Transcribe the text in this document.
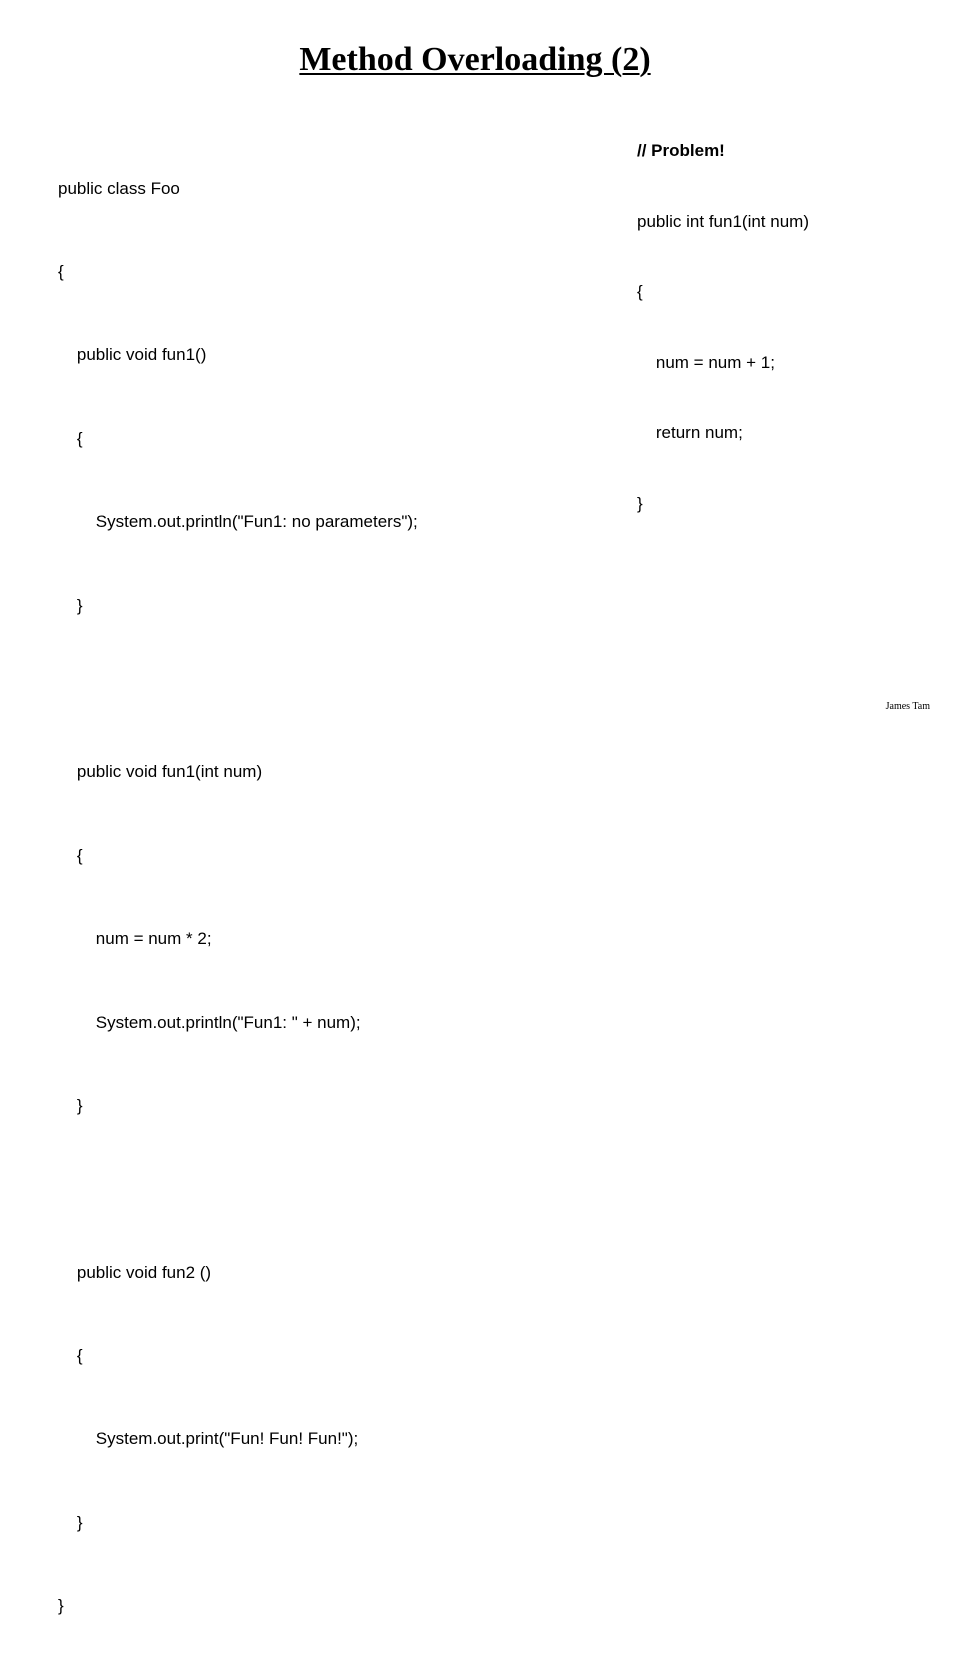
Method Overloading (2)

public class Foo

{

public void fun1()

{

System.out.println("Fun1: no parameters");

}

public void fun1(int num)

{

num = num * 2;

System.out.println("Fun1: " + num);

}

public void fun2 ()

{

System.out.print("Fun! Fun! Fun!");

}

}

// Problem!

public int fun1(int num)

{

num = num + 1;

return num;

}

James Tam
